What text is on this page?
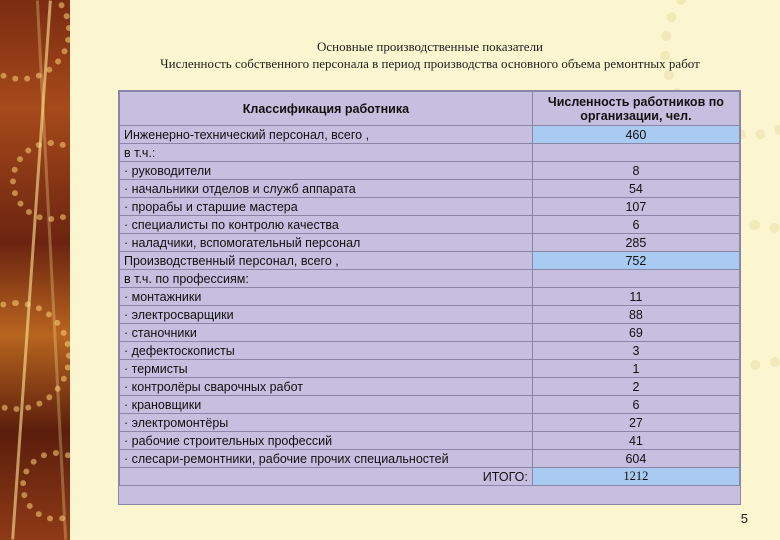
Основные производственные показатели
Численность собственного персонала в период производства основного объема ремонтных работ
Классификация работника	Численность работников по организации, чел.
Инженерно-технический персонал, всего ,	460
в т.ч.:	
· руководители	8
· начальники отделов и служб аппарата	54
· прорабы и старшие мастера	107
· специалисты по контролю качества	6
· наладчики, вспомогательный персонал	285
Производственный персонал, всего ,	752
в т.ч. по профессиям:	
· монтажники	11
· электросварщики	88
· станочники	69
· дефектоскописты	3
· термисты	1
· контролёры сварочных работ	2
· крановщики	6
· электромонтёры	27
· рабочие строительных профессий	41
· слесари-ремонтники, рабочие прочих специальностей	604
ИТОГО:	1212
5
